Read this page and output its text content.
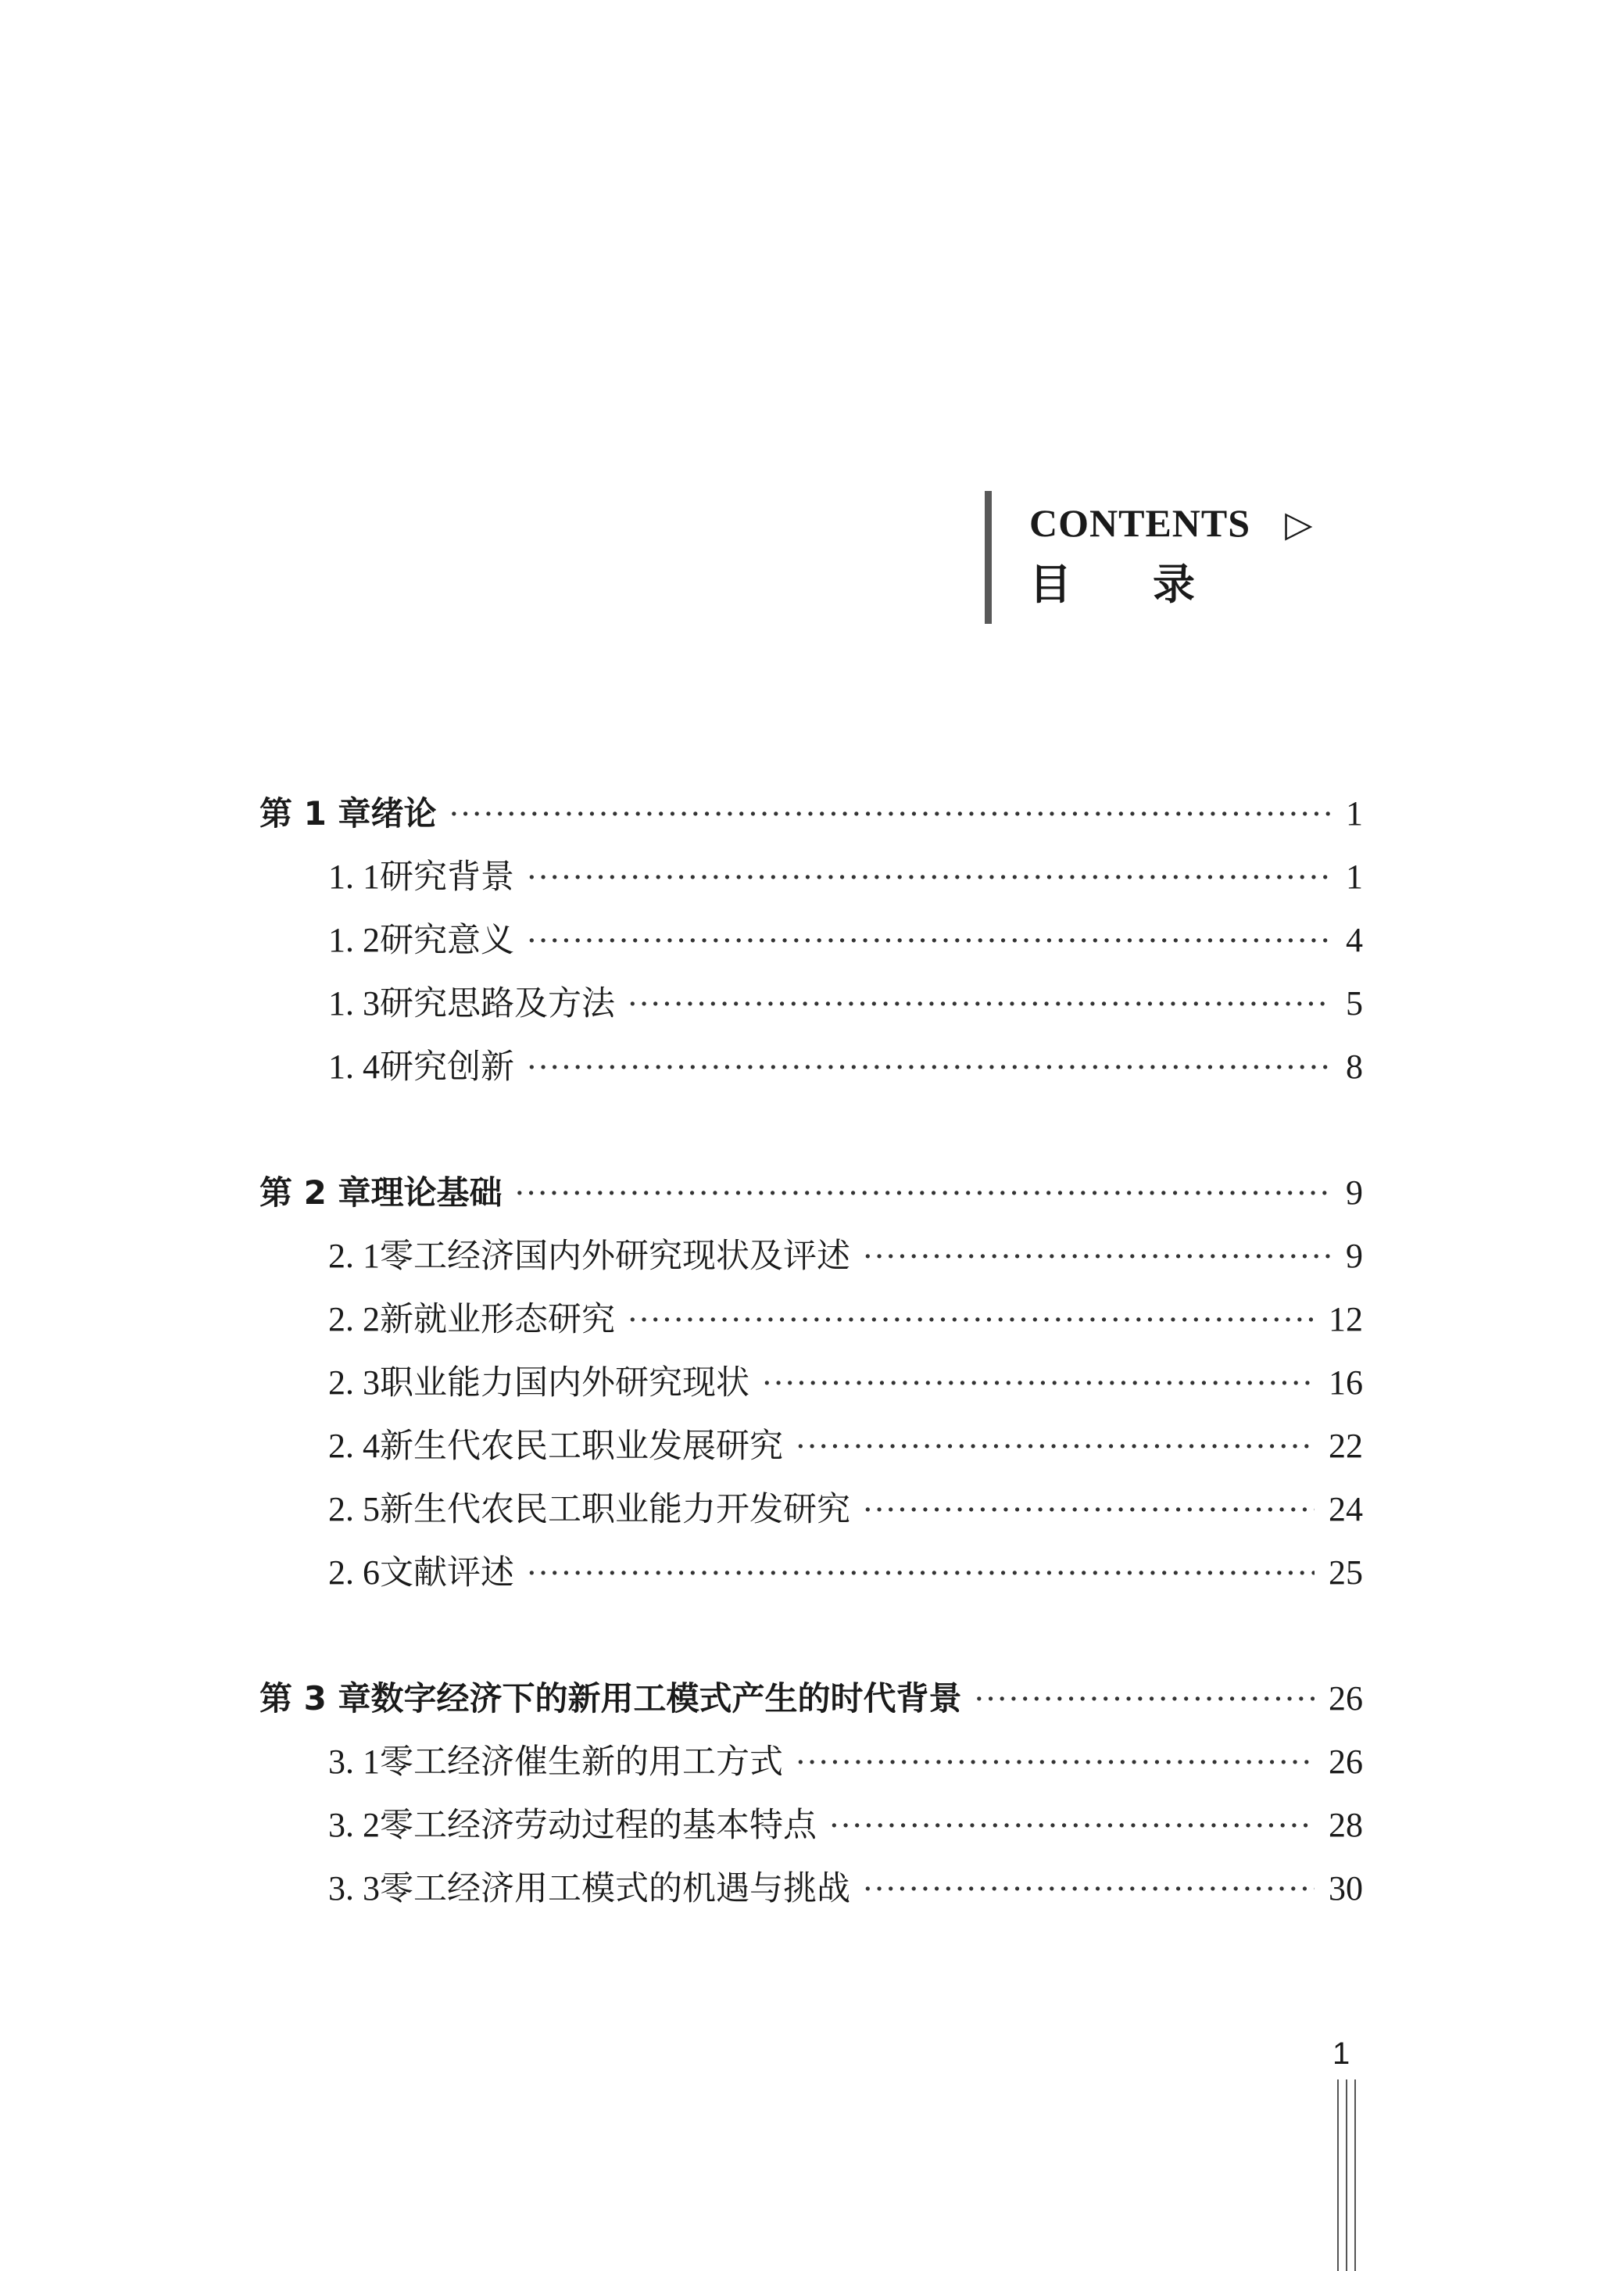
CONTENTS ▷
目录
第 1 章 绪论 ·····	1
1. 1 研究背景 ·····	1
1. 2 研究意义 ·····	4
1. 3 研究思路及方法 ·····	5
1. 4 研究创新 ·····	8
第 2 章 理论基础 ·····	9
2. 1 零工经济国内外研究现状及评述 ·····	9
2. 2 新就业形态研究 ·····	12
2. 3 职业能力国内外研究现状 ·····	16
2. 4 新生代农民工职业发展研究 ·····	22
2. 5 新生代农民工职业能力开发研究 ·····	24
2. 6 文献评述 ·····	25
第 3 章 数字经济下的新用工模式产生的时代背景 ·····	26
3. 1 零工经济催生新的用工方式 ·····	26
3. 2 零工经济劳动过程的基本特点 ·····	28
3. 3 零工经济用工模式的机遇与挑战 ·····	30
1
